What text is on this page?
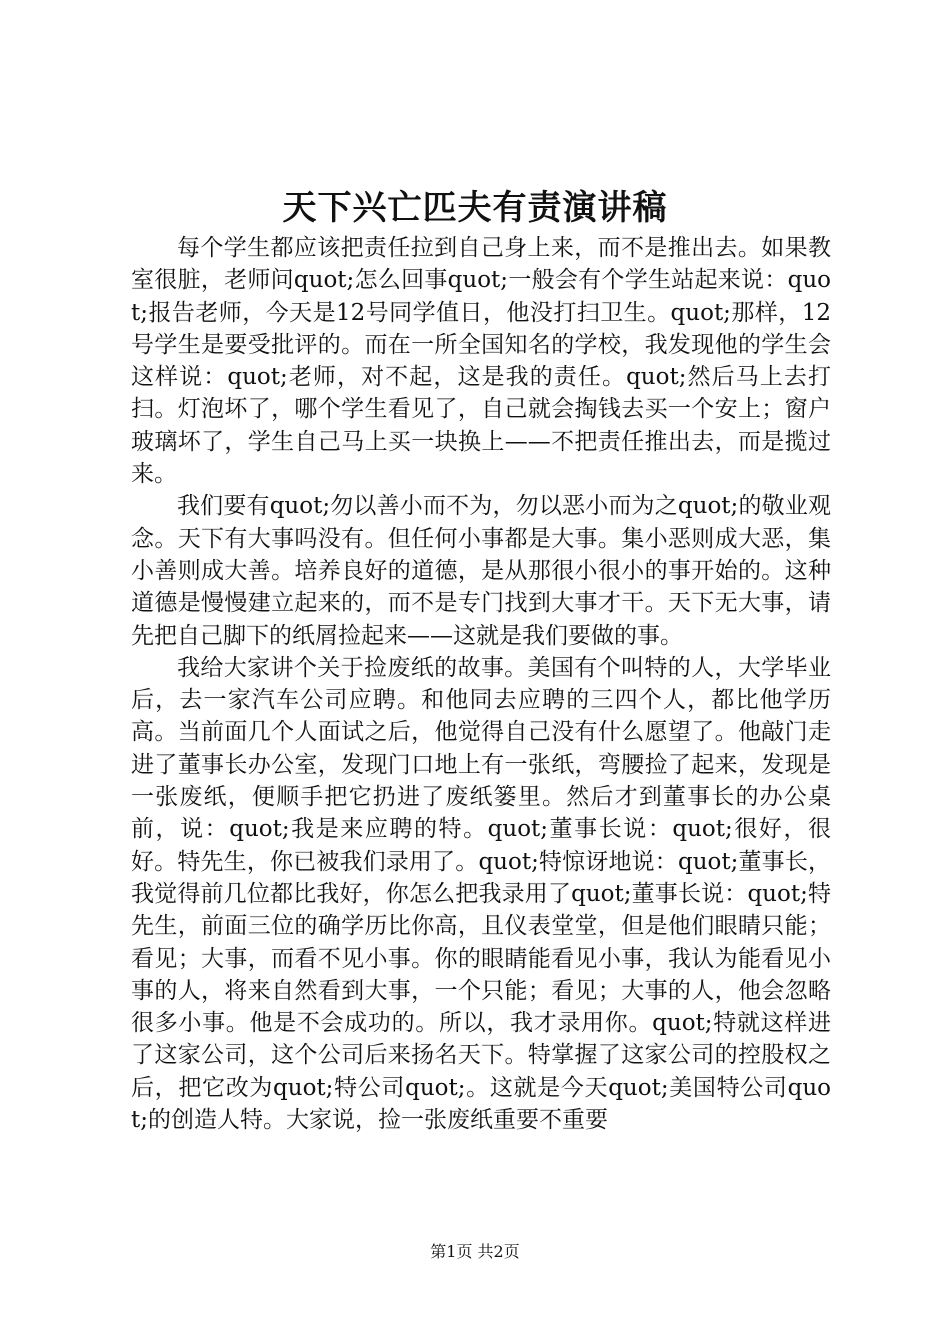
天下兴亡匹夫有责演讲稿

每个学生都应该把责任拉到自己身上来，而不是推出去。如果教室很脏，老师问quot;怎么回事quot;一般会有个学生站起来说：quot;报告老师，今天是12号同学值日，他没打扫卫生。quot;那样，12号学生是要受批评的。而在一所全国知名的学校，我发现他的学生会这样说：quot;老师，对不起，这是我的责任。quot;然后马上去打扫。灯泡坏了，哪个学生看见了，自己就会掏钱去买一个安上；窗户玻璃坏了，学生自己马上买一块换上——不把责任推出去，而是揽过来。

我们要有quot;勿以善小而不为，勿以恶小而为之quot;的敬业观念。天下有大事吗没有。但任何小事都是大事。集小恶则成大恶，集小善则成大善。培养良好的道德，是从那很小很小的事开始的。这种道德是慢慢建立起来的，而不是专门找到大事才干。天下无大事，请先把自己脚下的纸屑捡起来——这就是我们要做的事。

我给大家讲个关于捡废纸的故事。美国有个叫特的人，大学毕业后，去一家汽车公司应聘。和他同去应聘的三四个人，都比他学历高。当前面几个人面试之后，他觉得自己没有什么愿望了。他敲门走进了董事长办公室，发现门口地上有一张纸，弯腰捡了起来，发现是一张废纸，便顺手把它扔进了废纸篓里。然后才到董事长的办公桌前，说：quot;我是来应聘的特。quot;董事长说：quot;很好，很好。特先生，你已被我们录用了。quot;特惊讶地说：quot;董事长，我觉得前几位都比我好，你怎么把我录用了quot;董事长说：quot;特先生，前面三位的确学历比你高，且仪表堂堂，但是他们眼睛只能；看见；大事，而看不见小事。你的眼睛能看见小事，我认为能看见小事的人，将来自然看到大事，一个只能；看见；大事的人，他会忽略很多小事。他是不会成功的。所以，我才录用你。quot;特就这样进了这家公司，这个公司后来扬名天下。特掌握了这家公司的控股权之后，把它改为quot;特公司quot;。这就是今天quot;美国特公司quot;的创造人特。大家说，捡一张废纸重要不重要

第1页 共2页
